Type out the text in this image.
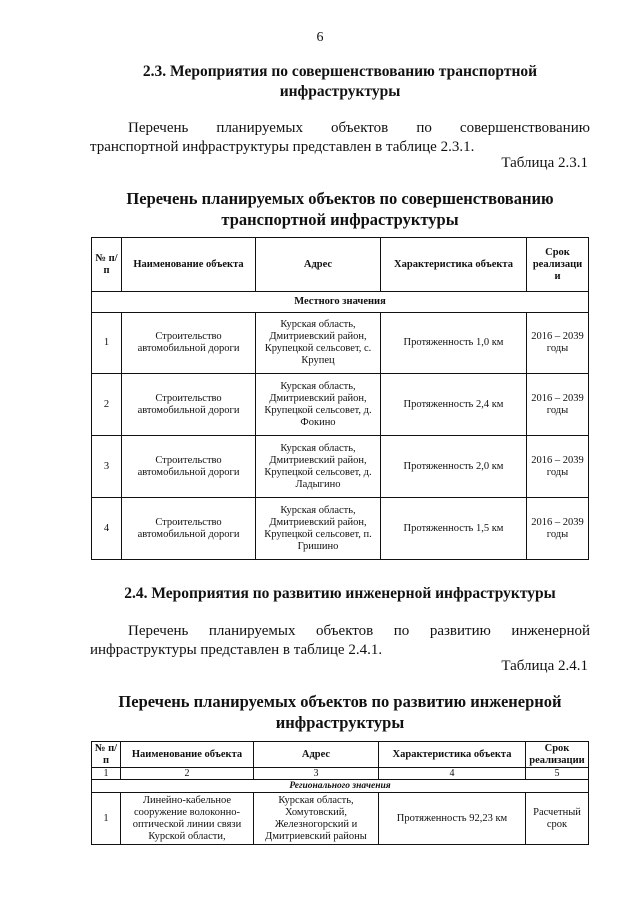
6
2.3. Мероприятия по совершенствованию транспортной
инфраструктуры
Перечень планируемых объектов по совершенствованию
транспортной инфраструктуры представлен в таблице 2.3.1.
Таблица 2.3.1
Перечень планируемых объектов по совершенствованию
транспортной инфраструктуры
№ п/п	Наименование объекта	Адрес	Характеристика объекта	Срок реализаци и
Местного значения				
1	Строительство автомобильной дороги	Курская область, Дмитриевский район, Крупецкой сельсовет, с. Крупец	Протяженность 1,0 км	2016 – 2039 годы
2	Строительство автомобильной дороги	Курская область, Дмитриевский район, Крупецкой сельсовет, д. Фокино	Протяженность 2,4 км	2016 – 2039 годы
3	Строительство автомобильной дороги	Курская область, Дмитриевский район, Крупецкой сельсовет, д. Ладыгино	Протяженность 2,0 км	2016 – 2039 годы
4	Строительство автомобильной дороги	Курская область, Дмитриевский район, Крупецкой сельсовет, п. Гришино	Протяженность 1,5 км	2016 – 2039 годы
2.4. Мероприятия по развитию инженерной инфраструктуры
Перечень планируемых объектов по развитию инженерной
инфраструктуры представлен в таблице 2.4.1.
Таблица 2.4.1
Перечень планируемых объектов по развитию инженерной
инфраструктуры
№ п/п	Наименование объекта	Адрес	Характеристика объекта	Срок реализации
1	2	3	4	5
Регионального значения				
1	Линейно-кабельное сооружение волоконно-оптической линии связи Курской области,	Курская область, Хомутовский, Железногорский и Дмитриевский районы	Протяженность 92,23 км	Расчетный срок
